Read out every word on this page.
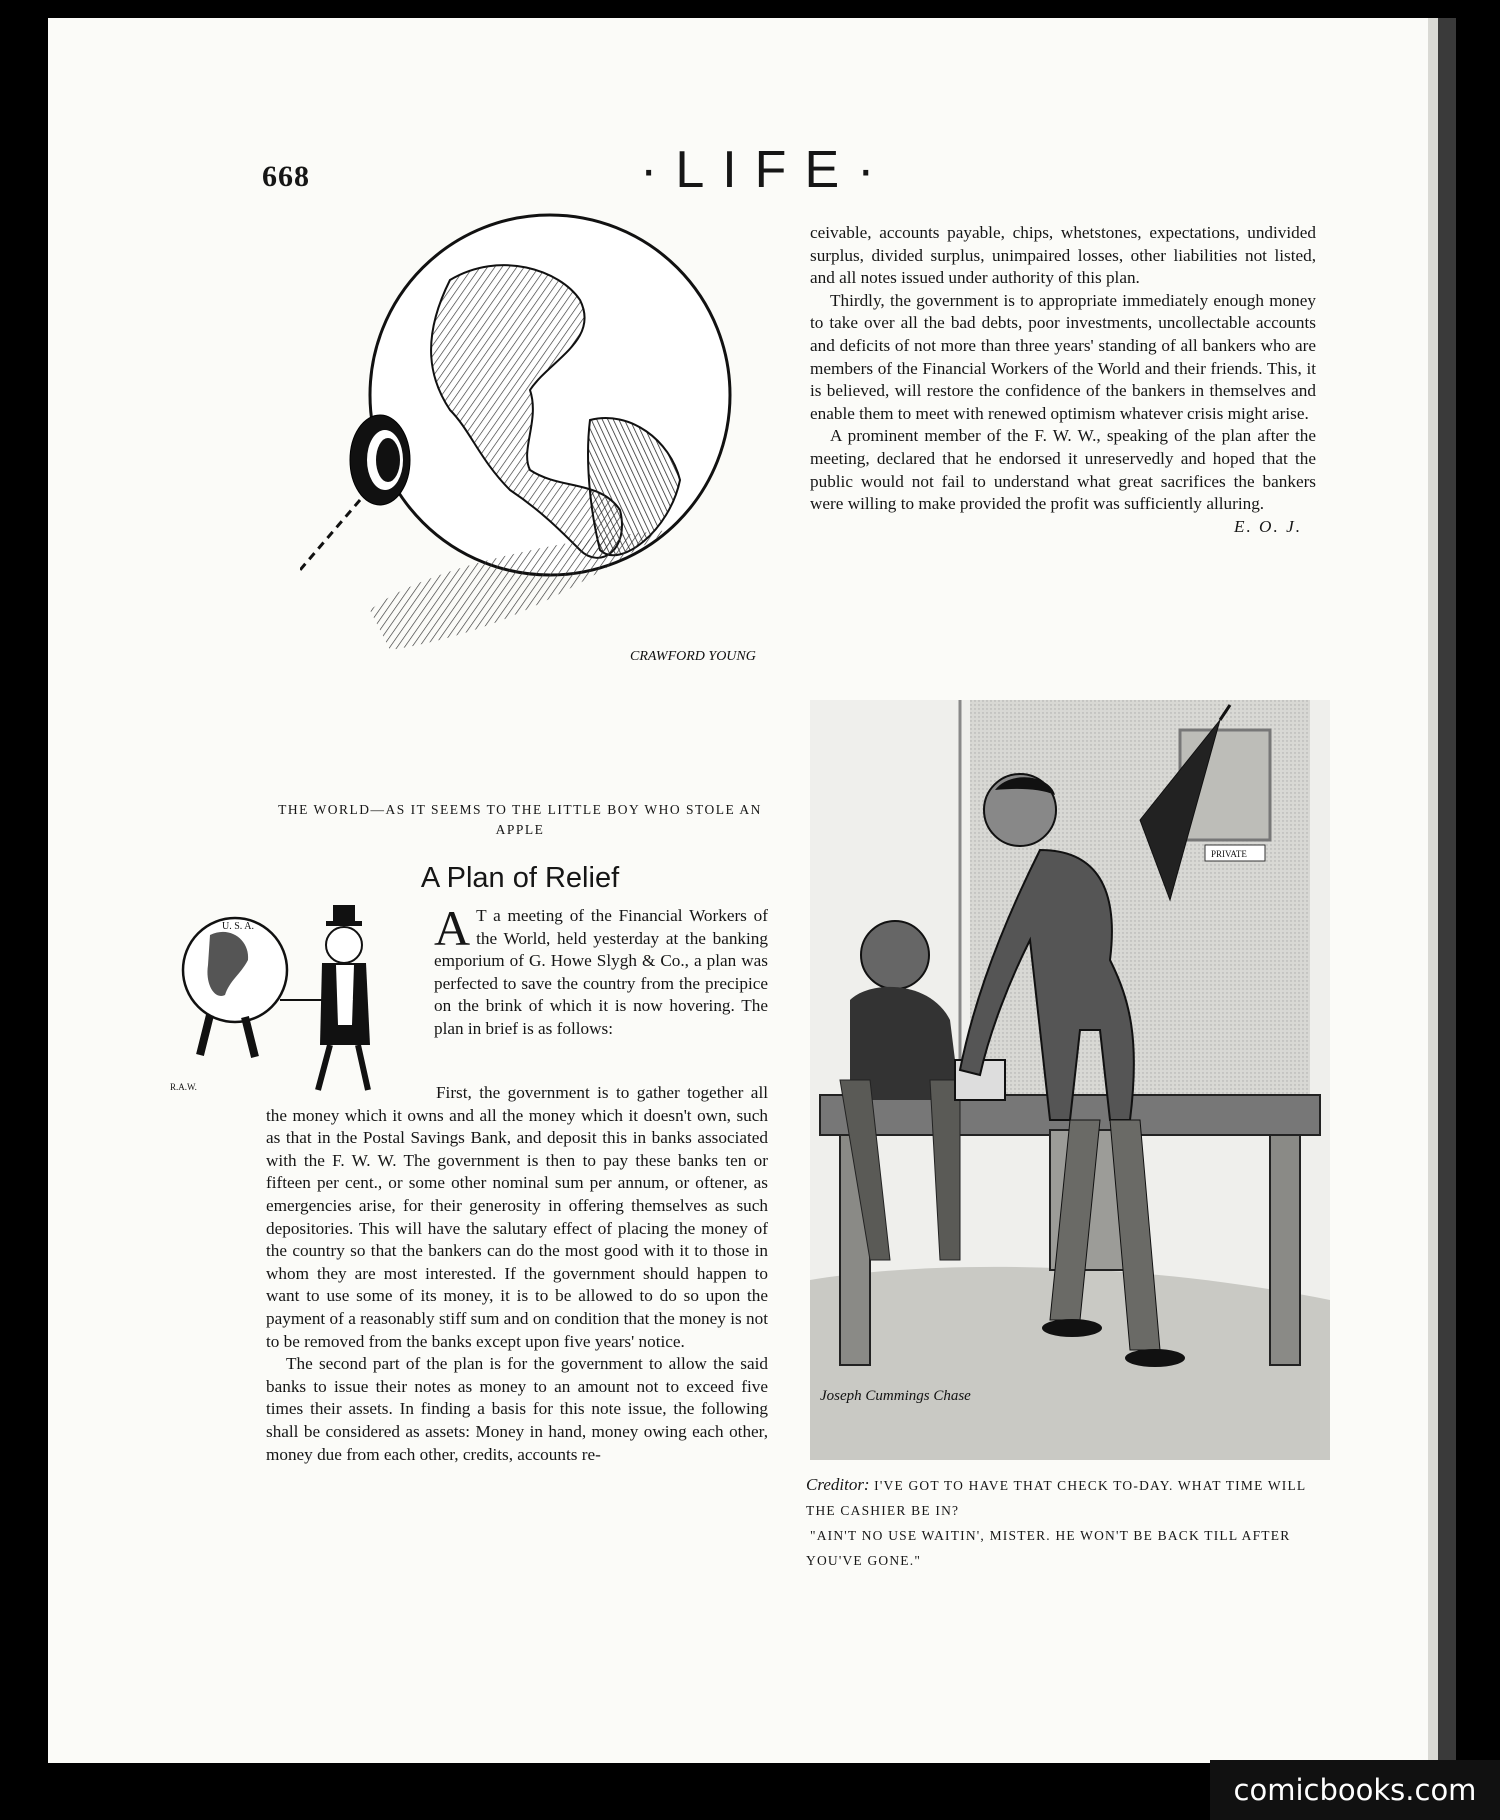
668	·LIFE·
CRAWFORD YOUNG
THE WORLD—AS IT SEEMS TO THE LITTLE BOY WHO STOLE AN APPLE
A Plan of Relief
U. S. A.
R.A.W.
J.C.

A T a meeting of the Financial Workers of the World, held yesterday at the banking emporium of G. Howe Slygh & Co., a plan was perfected to save the country from the precipice on the brink of which it is now hovering. The plan in brief is as follows:

First, the government is to gather together all the money which it owns and all the money which it doesn't own, such as that in the Postal Savings Bank, and deposit this in banks associated with the F. W. W. The government is then to pay these banks ten or fifteen per cent., or some other nominal sum per annum, or oftener, as emergencies arise, for their generosity in offering themselves as such depositories. This will have the salutary effect of placing the money of the country so that the bankers can do the most good with it to those in whom they are most interested. If the government should happen to want to use some of its money, it is to be allowed to do so upon the payment of a reasonably stiff sum and on condition that the money is not to be removed from the banks except upon five years' notice.

The second part of the plan is for the government to allow the said banks to issue their notes as money to an amount not to exceed five times their assets. In finding a basis for this note issue, the following shall be considered as assets: Money in hand, money owing each other, money due from each other, credits, accounts re-

ceivable, accounts payable, chips, whetstones, expectations, undivided surplus, divided surplus, unimpaired losses, other liabilities not listed, and all notes issued under authority of this plan.

Thirdly, the government is to appropriate immediately enough money to take over all the bad debts, poor investments, uncollectable accounts and deficits of not more than three years' standing of all bankers who are members of the Financial Workers of the World and their friends. This, it is believed, will restore the confidence of the bankers in themselves and enable them to meet with renewed optimism whatever crisis might arise.

A prominent member of the F. W. W., speaking of the plan after the meeting, declared that he endorsed it unreservedly and hoped that the public would not fail to understand what great sacrifices the bankers were willing to make provided the profit was sufficiently alluring.

E. O. J.
PRIVATE
Joseph Cummings Chase
Creditor: I'VE GOT TO HAVE THAT CHECK TO-DAY. WHAT TIME WILL THE CASHIER BE IN?
"AIN'T NO USE WAITIN', MISTER. HE WON'T BE BACK TILL AFTER YOU'VE GONE."
comicbooks.com
